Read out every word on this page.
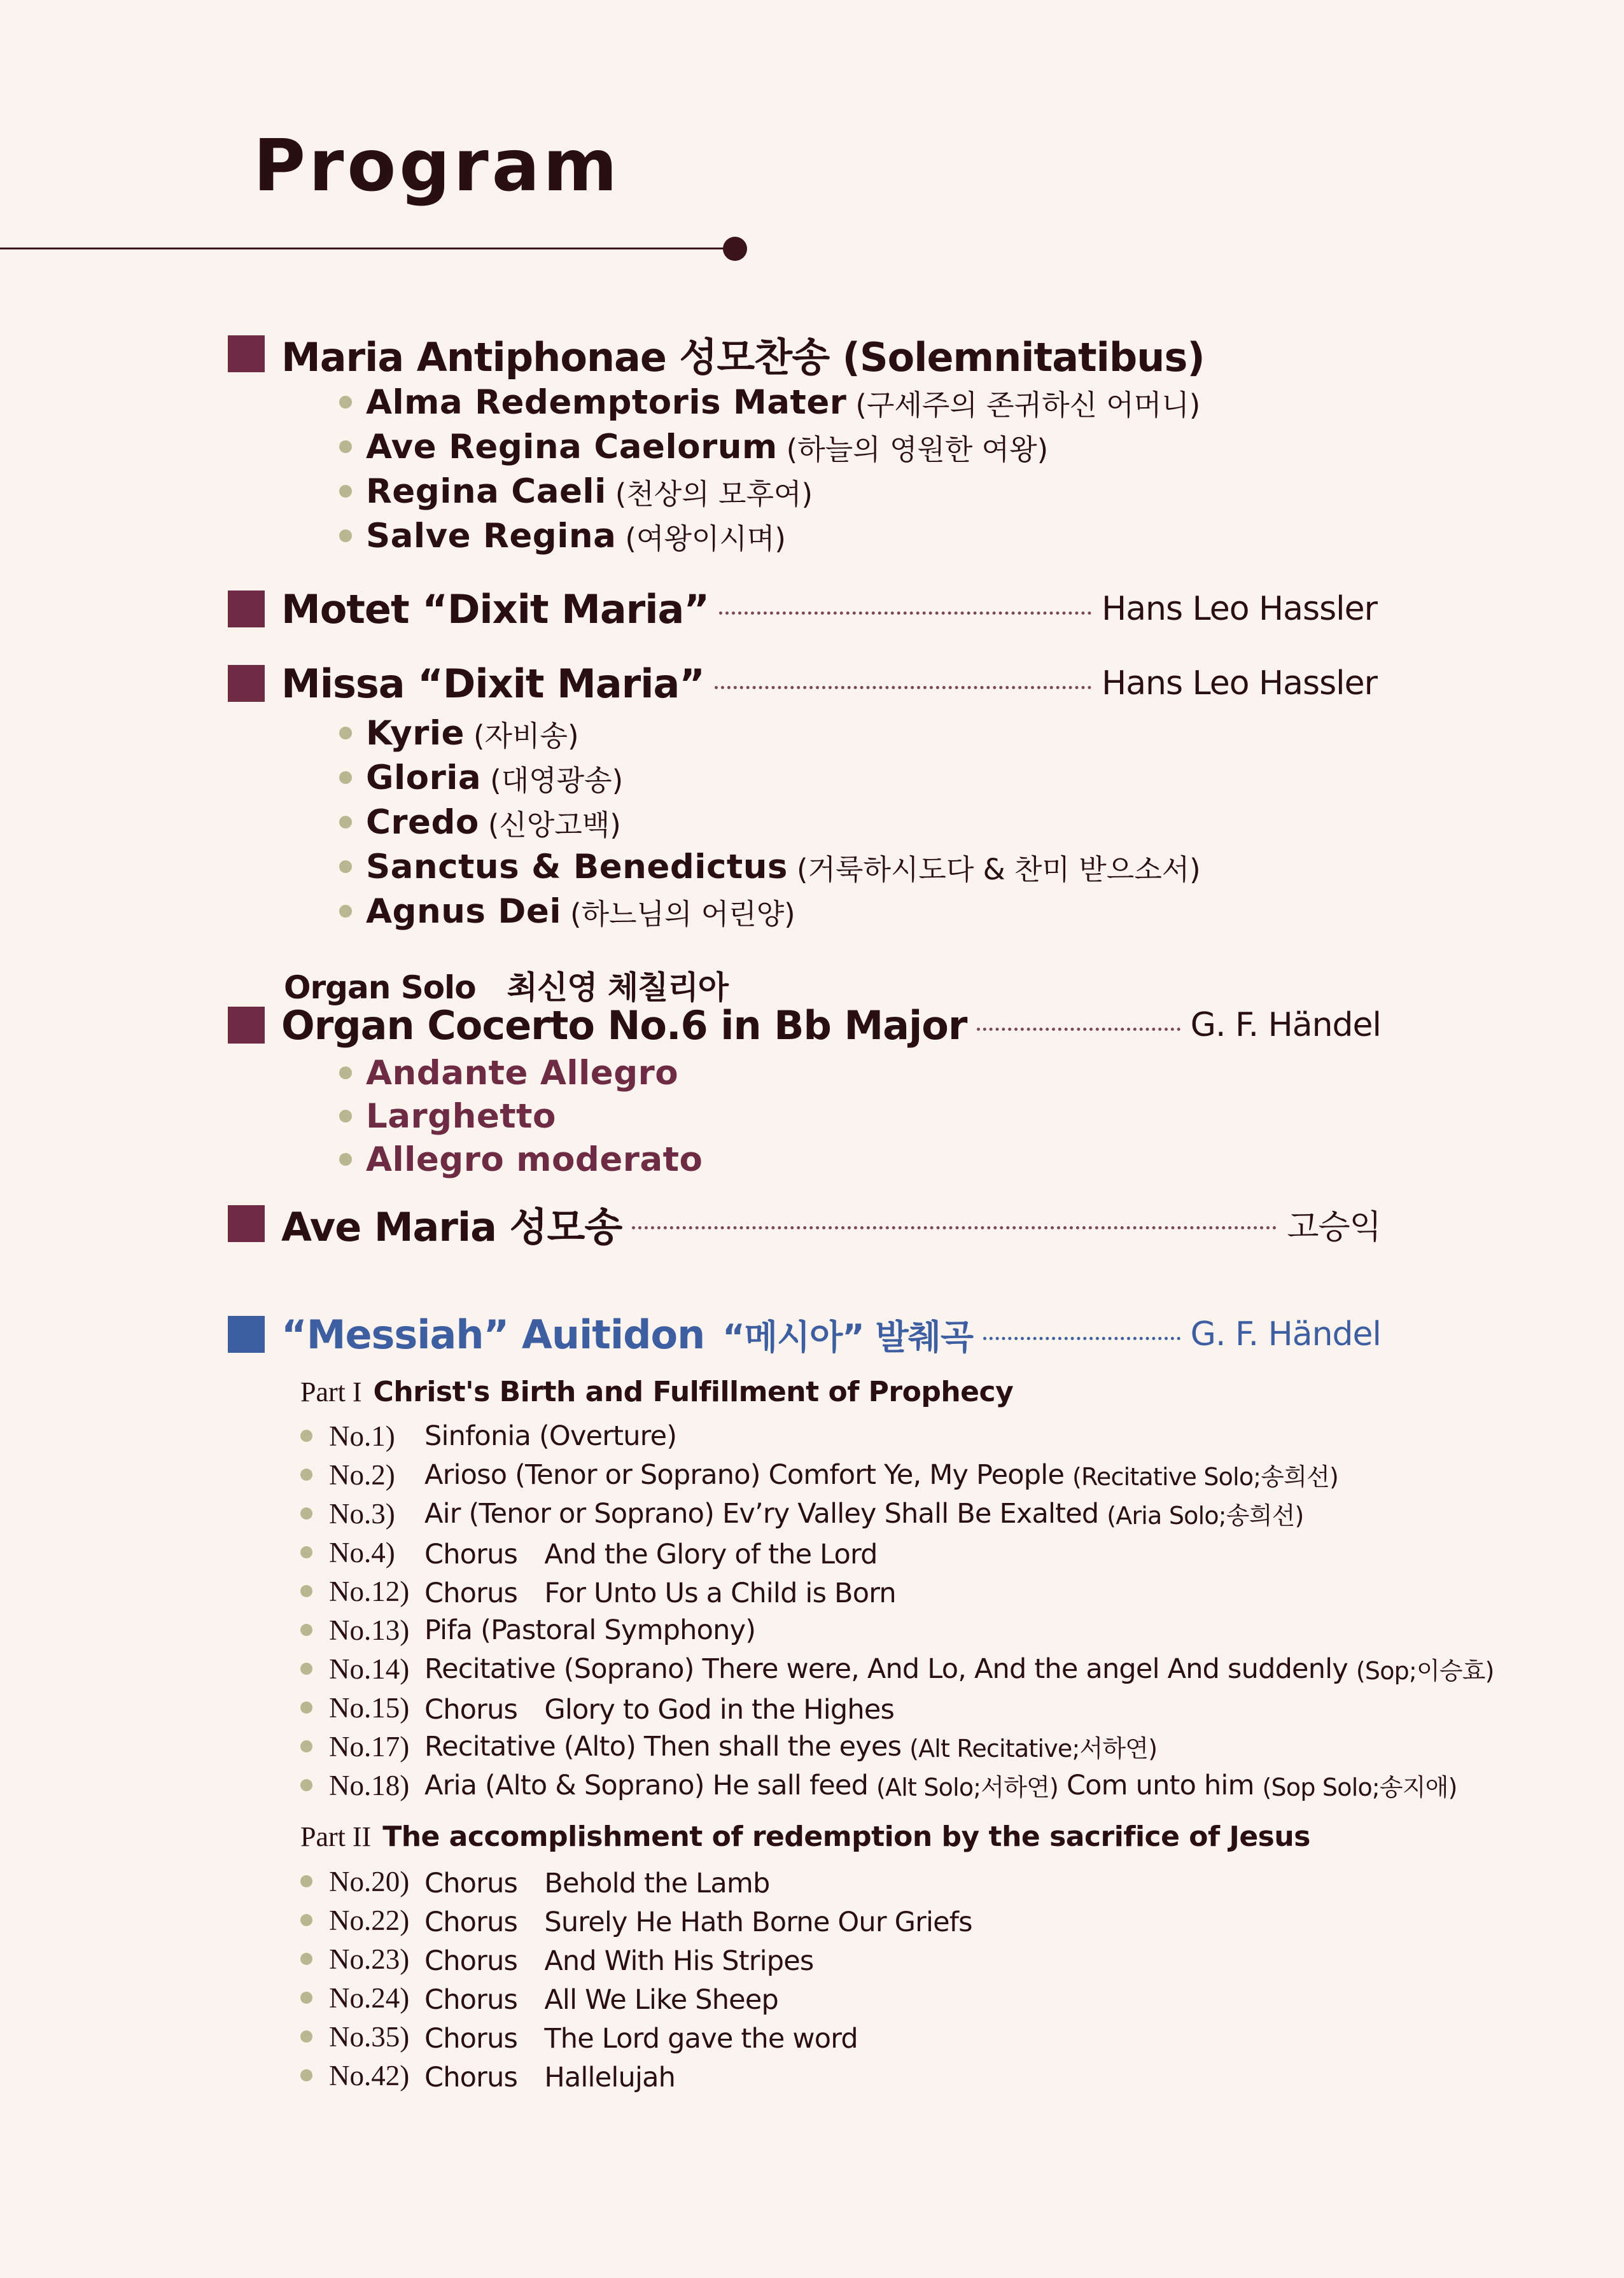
Program
Maria Antiphonae 성모찬송 (Solemnitatibus)
Alma Redemptoris Mater (구세주의 존귀하신 어머니)
Ave Regina Caelorum (하늘의 영원한 여왕)
Regina Caeli (천상의 모후여)
Salve Regina (여왕이시며)
Motet “Dixit Maria”	Hans Leo Hassler
Missa “Dixit Maria”	Hans Leo Hassler
Kyrie (자비송)
Gloria (대영광송)
Credo (신앙고백)
Sanctus & Benedictus (거룩하시도다 & 찬미 받으소서)
Agnus Dei (하느님의 어린양)
Organ Solo　최신영 체칠리아
Organ Cocerto No.6 in Bb Major	G. F. Händel
Andante Allegro
Larghetto
Allegro moderato
Ave Maria 성모송	고승익
“Messiah” Auitidon “메시아” 발췌곡	G. F. Händel
Part I Christ's Birth and Fulfillment of Prophecy
No.1)	Sinfonia (Overture)
No.2)	Arioso (Tenor or Soprano) Comfort Ye, My People
(Recitative Solo;송희선)
No.3)	Air (Tenor or Soprano) Ev’ry Valley Shall Be Exalted
(Aria Solo;송희선)
No.4)	Chorus　And the Glory of the Lord
No.12) Chorus　For Unto Us a Child is Born
No.13) Pifa (Pastoral Symphony)
No.14) Recitative (Soprano) There were, And Lo, And the angel And suddenly
(Sop;이승효)
No.15) Chorus　Glory to God in the Highes
No.17) Recitative (Alto) Then shall the eyes
(Alt Recitative;서하연)
No.18) Aria (Alto & Soprano) He sall feed
(Alt Solo;서하연)
Com unto him
(Sop Solo;송지애)
Part II The accomplishment of redemption by the sacrifice of Jesus
No.20) Chorus　Behold the Lamb
No.22) Chorus　Surely He Hath Borne Our Griefs
No.23) Chorus　And With His Stripes
No.24) Chorus　All We Like Sheep
No.35) Chorus　The Lord gave the word
No.42) Chorus　Hallelujah
